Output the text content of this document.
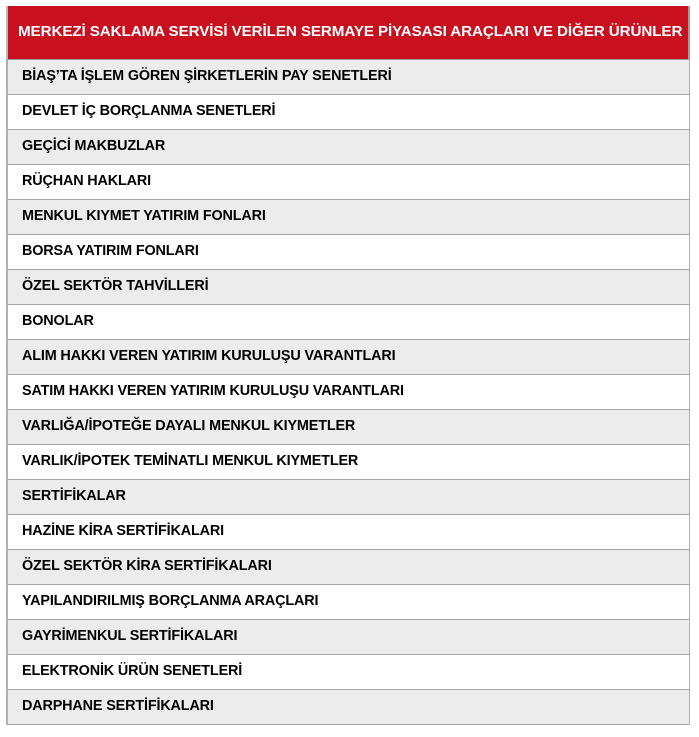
MERKEZİ SAKLAMA SERVİSİ VERİLEN SERMAYE PİYASASI ARAÇLARI VE DİĞER ÜRÜNLER
BİAŞ’TA İŞLEM GÖREN ŞİRKETLERİN PAY SENETLERİ
DEVLET İÇ BORÇLANMA SENETLERİ
GEÇİCİ MAKBUZLAR
RÜÇHAN HAKLARI
MENKUL KIYMET YATIRIM FONLARI
BORSA YATIRIM FONLARI
ÖZEL SEKTÖR TAHVİLLERİ
BONOLAR
ALIM HAKKI VEREN YATIRIM KURULUŞU VARANTLARI
SATIM HAKKI VEREN YATIRIM KURULUŞU VARANTLARI
VARLIĞA/İPOTEĞE DAYALI MENKUL KIYMETLER
VARLIK/İPOTEK TEMİNATLI MENKUL KIYMETLER
SERTİFİKALAR
HAZİNE KİRA SERTİFİKALARI
ÖZEL SEKTÖR KİRA SERTİFİKALARI
YAPILANDIRILMIŞ BORÇLANMA ARAÇLARI
GAYRİMENKUL SERTİFİKALARI
ELEKTRONİK ÜRÜN SENETLERİ
DARPHANE SERTİFİKALARI
